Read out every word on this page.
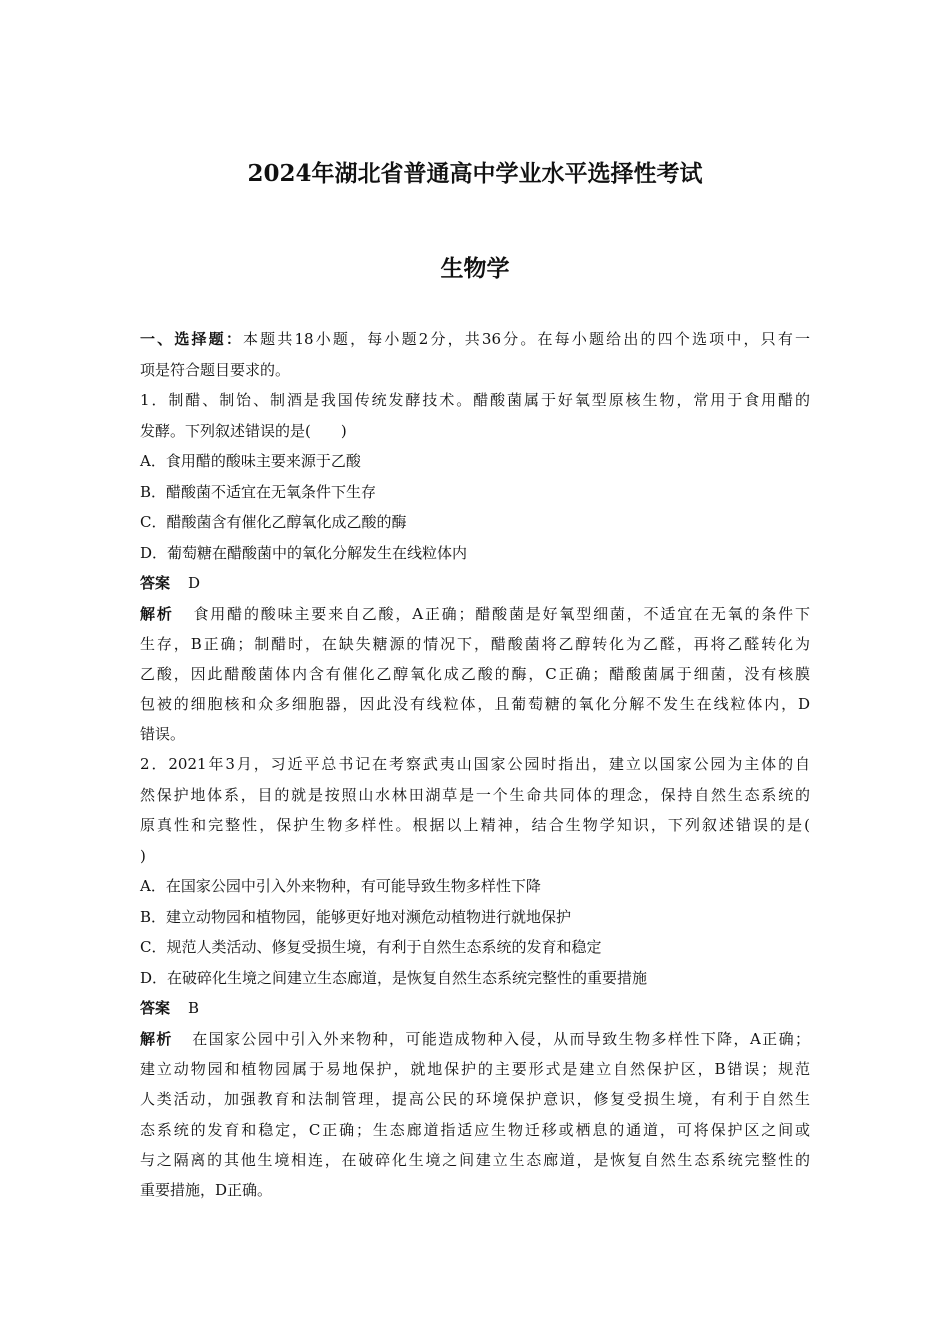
2024年湖北省普通高中学业水平选择性考试
生物学
一、选择题：本题共18小题，每小题2分，共36分。在每小题给出的四个选项中，只有一
项是符合题目要求的。
1．制醋、制饴、制酒是我国传统发酵技术。醋酸菌属于好氧型原核生物，常用于食用醋的
发酵。下列叙述错误的是(　　)
A．食用醋的酸味主要来源于乙酸
B．醋酸菌不适宜在无氧条件下生存
C．醋酸菌含有催化乙醇氧化成乙酸的酶
D．葡萄糖在醋酸菌中的氧化分解发生在线粒体内
答案 D
解析 食用醋的酸味主要来自乙酸，A正确；醋酸菌是好氧型细菌，不适宜在无氧的条件下
生存，B正确；制醋时，在缺失糖源的情况下，醋酸菌将乙醇转化为乙醛，再将乙醛转化为
乙酸，因此醋酸菌体内含有催化乙醇氧化成乙酸的酶，C正确；醋酸菌属于细菌，没有核膜
包被的细胞核和众多细胞器，因此没有线粒体，且葡萄糖的氧化分解不发生在线粒体内，D
错误。
2．2021年3月，习近平总书记在考察武夷山国家公园时指出，建立以国家公园为主体的自
然保护地体系，目的就是按照山水林田湖草是一个生命共同体的理念，保持自然生态系统的
原真性和完整性，保护生物多样性。根据以上精神，结合生物学知识，下列叙述错误的是(
)
A．在国家公园中引入外来物种，有可能导致生物多样性下降
B．建立动物园和植物园，能够更好地对濒危动植物进行就地保护
C．规范人类活动、修复受损生境，有利于自然生态系统的发育和稳定
D．在破碎化生境之间建立生态廊道，是恢复自然生态系统完整性的重要措施
答案 B
解析 在国家公园中引入外来物种，可能造成物种入侵，从而导致生物多样性下降，A正确；
建立动物园和植物园属于易地保护，就地保护的主要形式是建立自然保护区，B错误；规范
人类活动，加强教育和法制管理，提高公民的环境保护意识，修复受损生境，有利于自然生
态系统的发育和稳定，C正确；生态廊道指适应生物迁移或栖息的通道，可将保护区之间或
与之隔离的其他生境相连，在破碎化生境之间建立生态廊道，是恢复自然生态系统完整性的
重要措施，D正确。
